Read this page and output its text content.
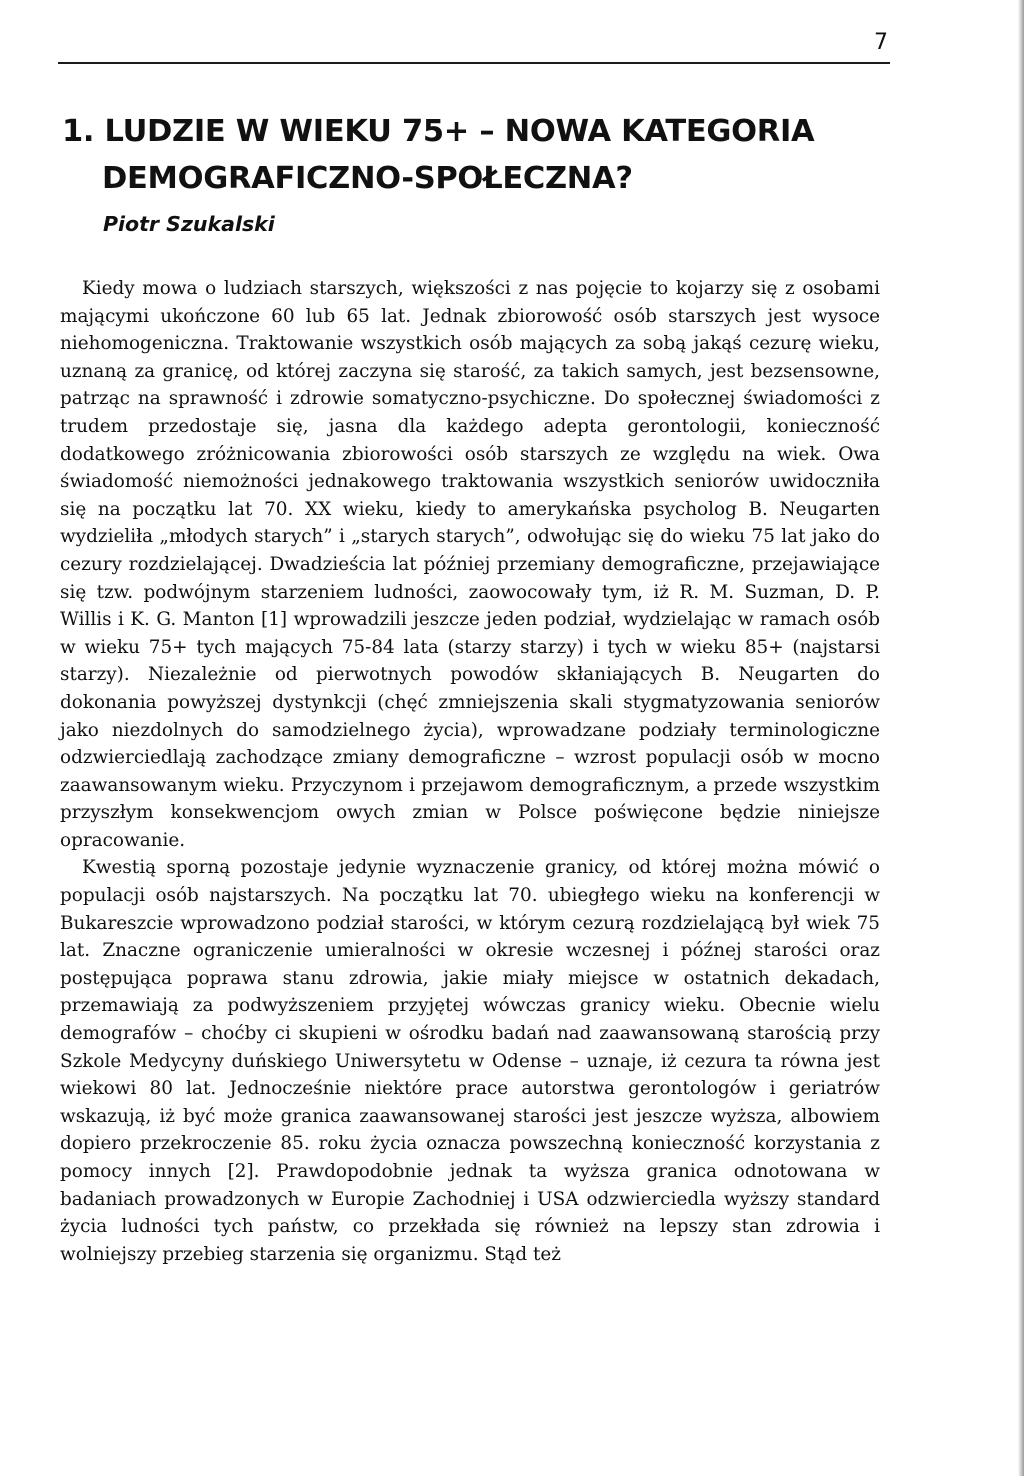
7
1. LUDZIE W WIEKU 75+ – NOWA KATEGORIA
DEMOGRAFICZNO-SPOŁECZNA?

Piotr Szukalski

Kiedy mowa o ludziach starszych, większości z nas pojęcie to kojarzy się z osobami mającymi ukończone 60 lub 65 lat. Jednak zbiorowość osób starszych jest wysoce niehomogeniczna. Traktowanie wszystkich osób mających za sobą jakąś cezurę wieku, uznaną za granicę, od której zaczyna się starość, za takich samych, jest bezsensowne, patrząc na sprawność i zdrowie somatyczno-psychiczne. Do społecznej świadomości z trudem przedostaje się, jasna dla każdego adepta gerontologii, konieczność dodatkowego zróżnicowania zbiorowości osób starszych ze względu na wiek. Owa świadomość niemożności jednakowego traktowania wszystkich seniorów uwidoczniła się na początku lat 70. XX wieku, kiedy to amerykańska psycholog B. Neugarten wydzieliła „młodych starych” i „starych starych”, odwołując się do wieku 75 lat jako do cezury rozdzielającej. Dwadzieścia lat później przemiany demograficzne, przejawiające się tzw. podwójnym starzeniem ludności, zaowocowały tym, iż R. M. Suzman, D. P. Willis i K. G. Manton [1] wprowadzili jeszcze jeden podział, wydzielając w ramach osób w wieku 75+ tych mających 75-84 lata (starzy starzy) i tych w wieku 85+ (najstarsi starzy). Niezależnie od pierwotnych powodów skłaniających B. Neugarten do dokonania powyższej dystynkcji (chęć zmniejszenia skali stygmatyzowania seniorów jako niezdolnych do samodzielnego życia), wprowadzane podziały terminologiczne odzwierciedlają zachodzące zmiany demograficzne – wzrost populacji osób w mocno zaawansowanym wieku. Przyczynom i przejawom demograficznym, a przede wszystkim przyszłym konsekwencjom owych zmian w Polsce poświęcone będzie niniejsze opracowanie.

Kwestią sporną pozostaje jedynie wyznaczenie granicy, od której można mówić o populacji osób najstarszych. Na początku lat 70. ubiegłego wieku na konferencji w Bukareszcie wprowadzono podział starości, w którym cezurą rozdzielającą był wiek 75 lat. Znaczne ograniczenie umieralności w okresie wczesnej i późnej starości oraz postępująca poprawa stanu zdrowia, jakie miały miejsce w ostatnich dekadach, przemawiają za podwyższeniem przyjętej wówczas granicy wieku. Obecnie wielu demografów – choćby ci skupieni w ośrodku badań nad zaawansowaną starością przy Szkole Medycyny duńskiego Uniwersytetu w Odense – uznaje, iż cezura ta równa jest wiekowi 80 lat. Jednocześnie niektóre prace autorstwa gerontologów i geriatrów wskazują, iż być może granica zaawansowanej starości jest jeszcze wyższa, albowiem dopiero przekroczenie 85. roku życia oznacza powszechną konieczność korzystania z pomocy innych [2]. Prawdopodobnie jednak ta wyższa granica odnotowana w badaniach prowadzonych w Europie Zachodniej i USA odzwierciedla wyższy standard życia ludności tych państw, co przekłada się również na lepszy stan zdrowia i wolniejszy przebieg starzenia się organizmu. Stąd też
